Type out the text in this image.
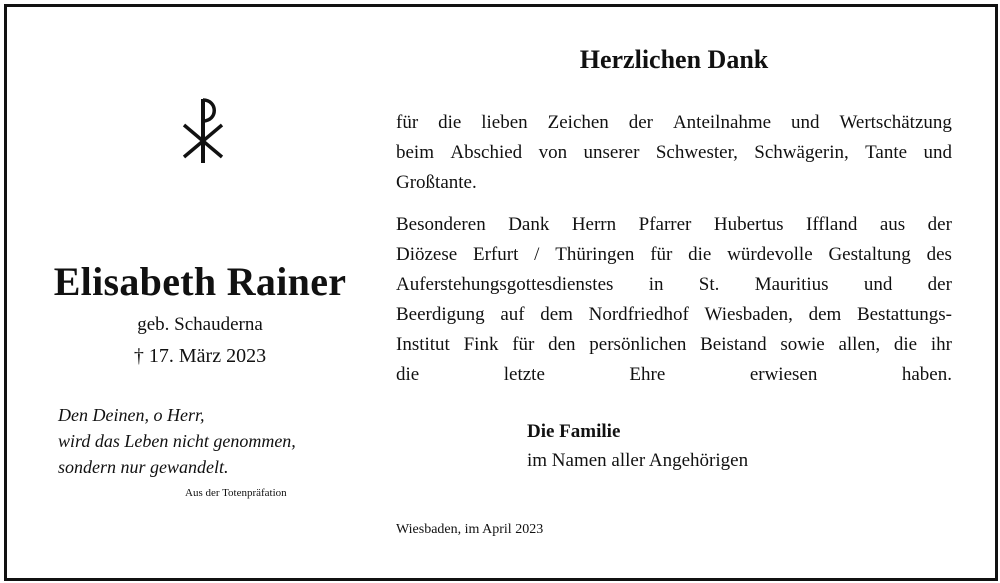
Elisabeth Rainer
geb. Schauderna
† 17. März 2023
Den Deinen, o Herr,
wird das Leben nicht genommen,
sondern nur gewandelt.
Aus der Totenpräfation
Herzlichen Dank
für die lieben Zeichen der Anteilnahme und Wertschätzung
beim Abschied von unserer Schwester, Schwägerin, Tante und
Großtante.
Besonderen Dank Herrn Pfarrer Hubertus Iffland aus der
Diözese Erfurt / Thüringen für die würdevolle Gestaltung des
Auferstehungsgottesdienstes in St. Mauritius und der
Beerdigung auf dem Nordfriedhof Wiesbaden, dem Bestattungs-
Institut Fink für den persönlichen Beistand sowie allen, die ihr
die letzte Ehre erwiesen haben.
Die Familie
im Namen aller Angehörigen
Wiesbaden, im April 2023
